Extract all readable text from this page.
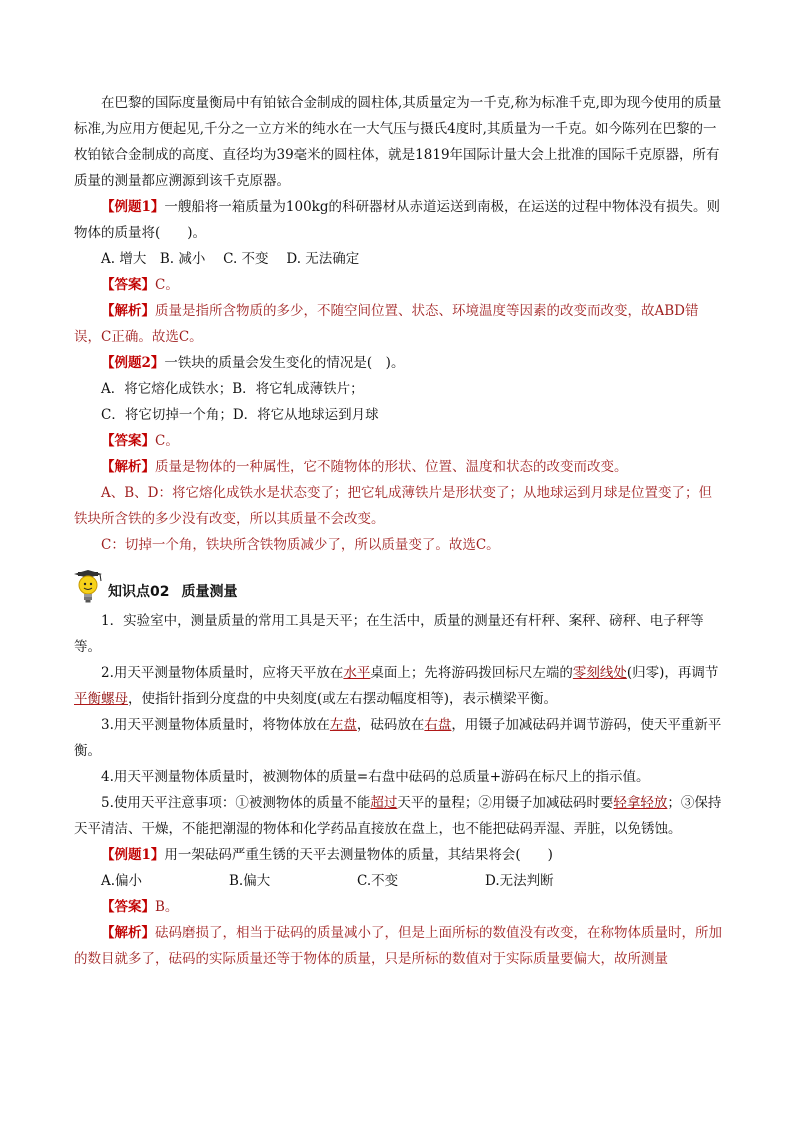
在巴黎的国际度量衡局中有铂铱合金制成的圆柱体,其质量定为一千克,称为标准千克,即为现今使用的质量标准,为应用方便起见,千分之一立方米的纯水在一大气压与摄氏4度时,其质量为一千克。如今陈列在巴黎的一枚铂铱合金制成的高度、直径均为39毫米的圆柱体，就是1819年国际计量大会上批准的国际千克原器，所有质量的测量都应溯源到该千克原器。

【例题1】一艘船将一箱质量为100kg的科研器材从赤道运送到南极，在运送的过程中物体没有损失。则物体的质量将(　　)。

A. 增大　B. 减小　 C. 不变　 D. 无法确定

【答案】C。

【解析】质量是指所含物质的多少，不随空间位置、状态、环境温度等因素的改变而改变，故ABD错误，C正确。故选C。

【例题2】一铁块的质量会发生变化的情况是(　)。

A．将它熔化成铁水；B．将它轧成薄铁片；

C．将它切掉一个角；D．将它从地球运到月球

【答案】C。

【解析】质量是物体的一种属性，它不随物体的形状、位置、温度和状态的改变而改变。

A、B、D：将它熔化成铁水是状态变了；把它轧成薄铁片是形状变了；从地球运到月球是位置变了；但铁块所含铁的多少没有改变，所以其质量不会改变。

C：切掉一个角，铁块所含铁物质减少了，所以质量变了。故选C。

知识点02 质量测量

1．实验室中，测量质量的常用工具是天平；在生活中，质量的测量还有杆秤、案秤、磅秤、电子秤等等。

2.用天平测量物体质量时，应将天平放在水平桌面上；先将游码拨回标尺左端的零刻线处(归零)，再调节平衡螺母，使指针指到分度盘的中央刻度(或左右摆动幅度相等)，表示横梁平衡。

3.用天平测量物体质量时，将物体放在左盘，砝码放在右盘，用镊子加减砝码并调节游码，使天平重新平衡。

4.用天平测量物体质量时，被测物体的质量=右盘中砝码的总质量+游码在标尺上的指示值。

5.使用天平注意事项：①被测物体的质量不能超过天平的量程；②用镊子加减砝码时要轻拿轻放；③保持天平清洁、干燥，不能把潮湿的物体和化学药品直接放在盘上，也不能把砝码弄湿、弄脏，以免锈蚀。

【例题1】用一架砝码严重生锈的天平去测量物体的质量，其结果将会(　　)

A.偏小	B.偏大	C.不变	D.无法判断

【答案】B。

【解析】砝码磨损了，相当于砝码的质量减小了，但是上面所标的数值没有改变，在称物体质量时，所加的数目就多了，砝码的实际质量还等于物体的质量，只是所标的数值对于实际质量要偏大，故所测量
